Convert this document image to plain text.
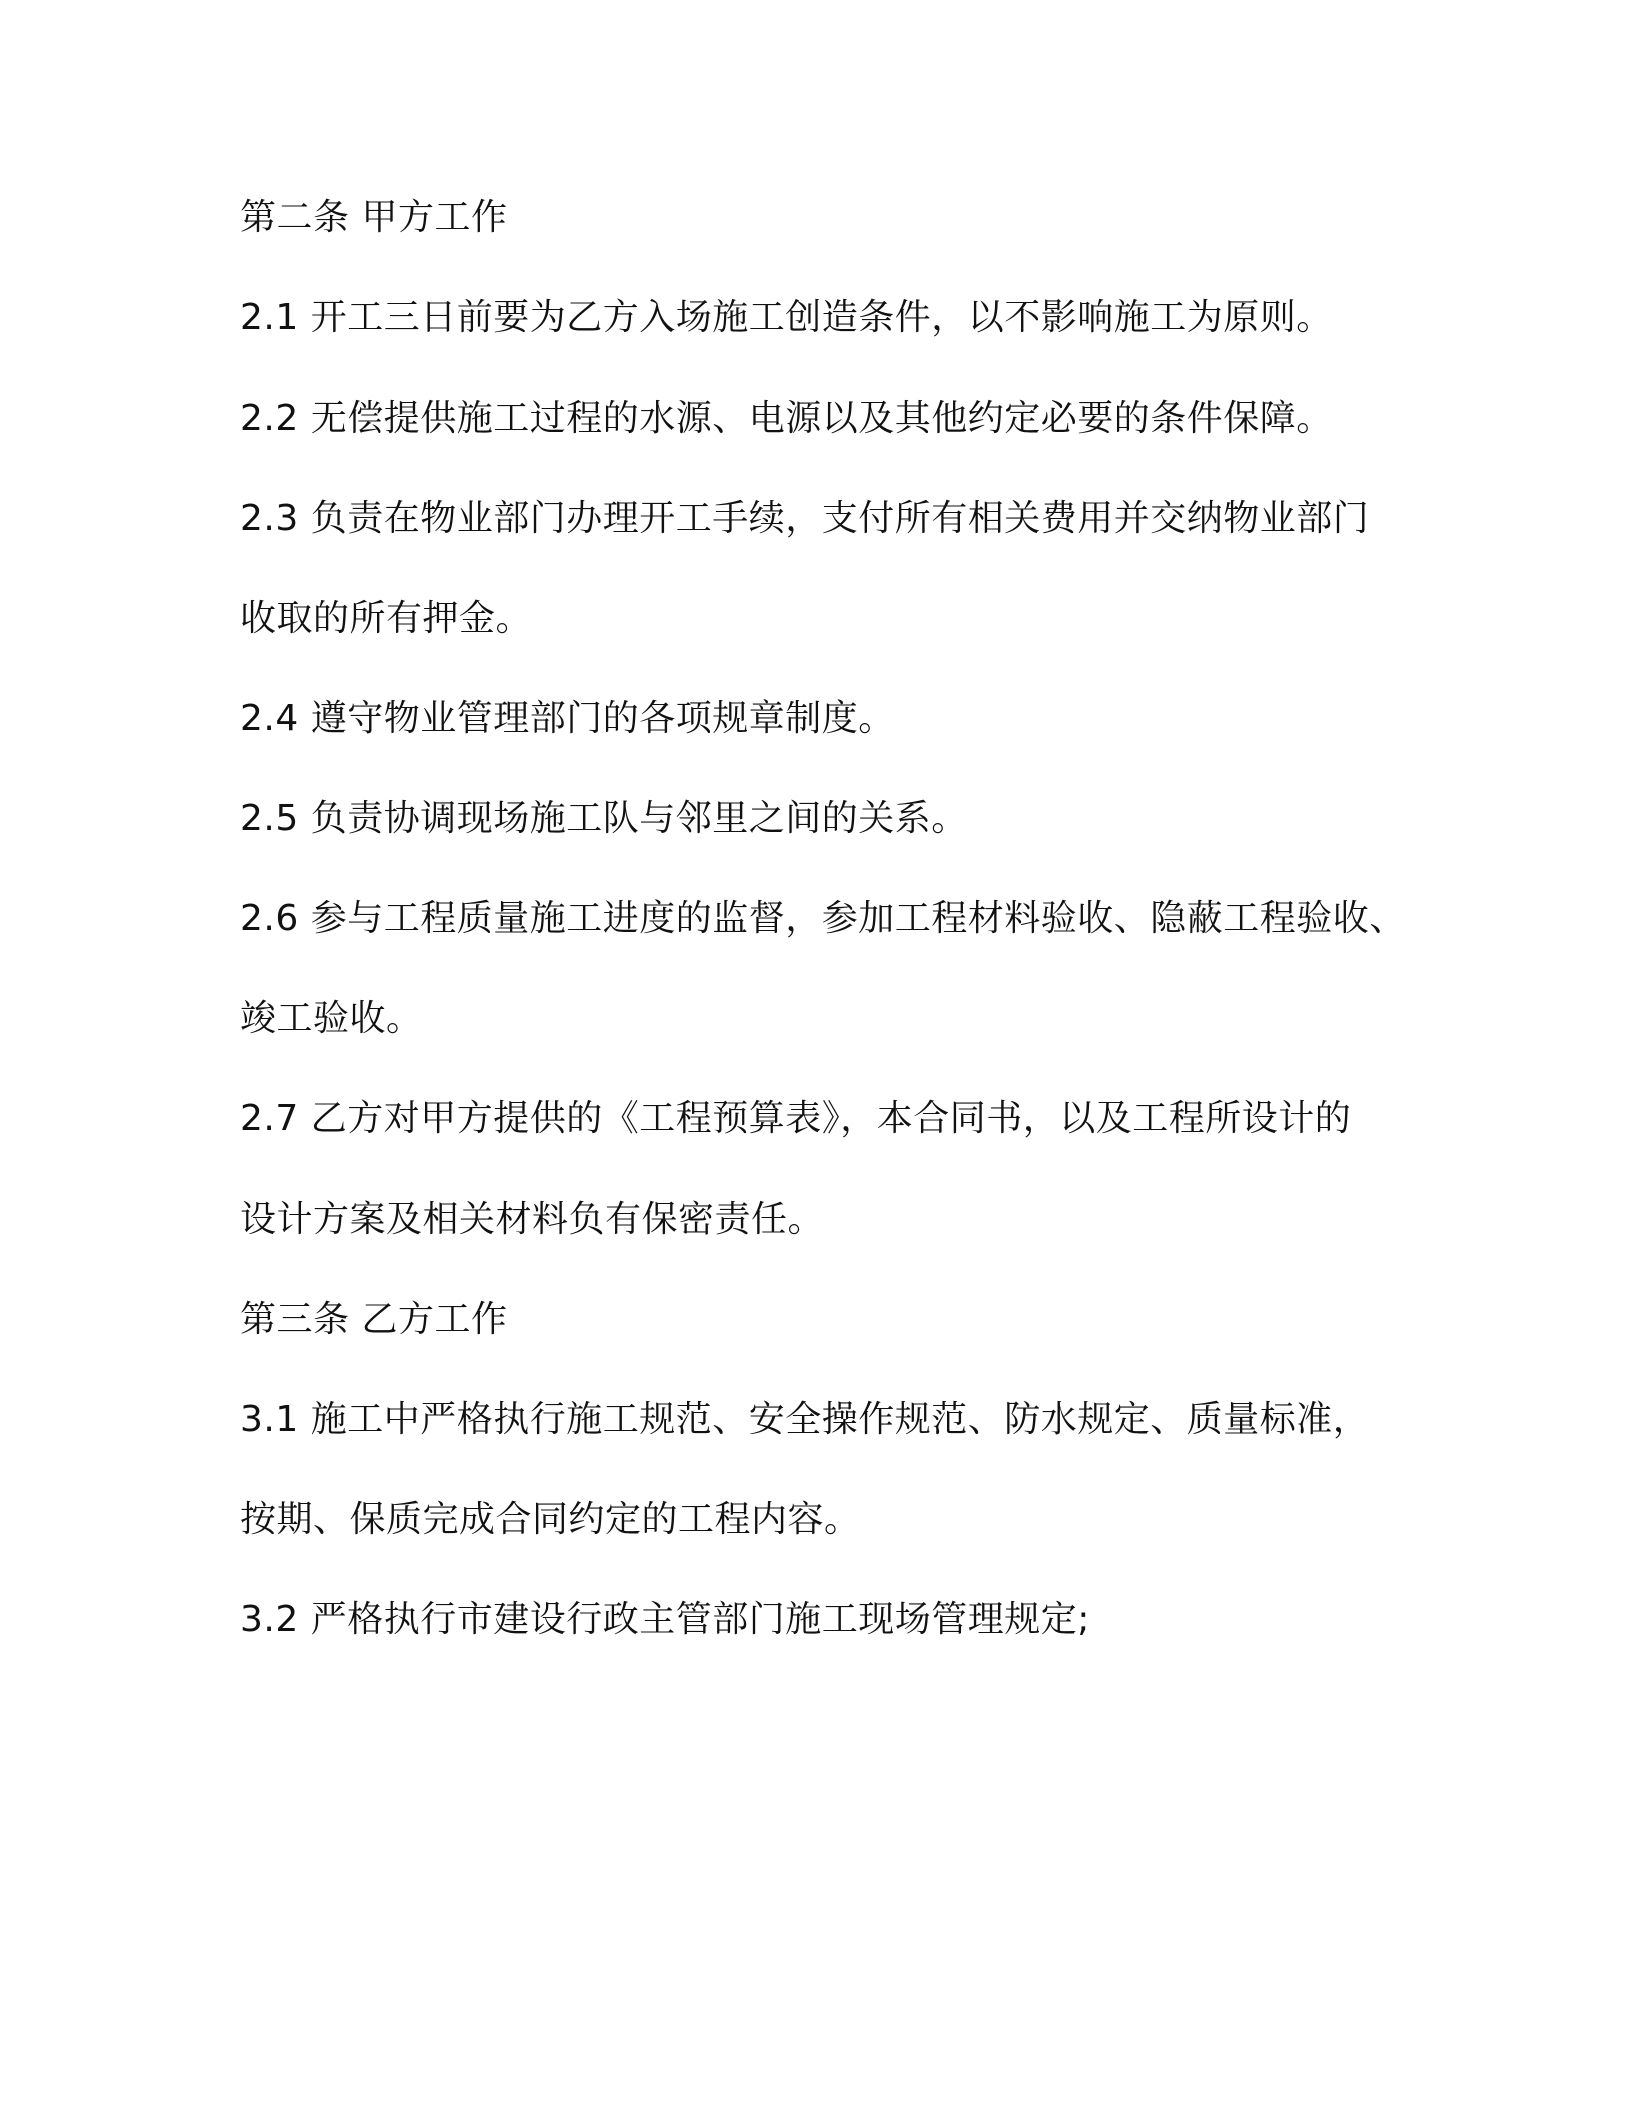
第二条 甲方工作
2.1 开工三日前要为乙方入场施工创造条件，以不影响施工为原则。
2.2 无偿提供施工过程的水源、电源以及其他约定必要的条件保障。
2.3 负责在物业部门办理开工手续，支付所有相关费用并交纳物业部门
收取的所有押金。
2.4 遵守物业管理部门的各项规章制度。
2.5 负责协调现场施工队与邻里之间的关系。
2.6 参与工程质量施工进度的监督，参加工程材料验收、隐蔽工程验收、
竣工验收。
2.7 乙方对甲方提供的《工程预算表》，本合同书，以及工程所设计的
设计方案及相关材料负有保密责任。
第三条 乙方工作
3.1 施工中严格执行施工规范、安全操作规范、防水规定、质量标准，
按期、保质完成合同约定的工程内容。
3.2 严格执行市建设行政主管部门施工现场管理规定;
